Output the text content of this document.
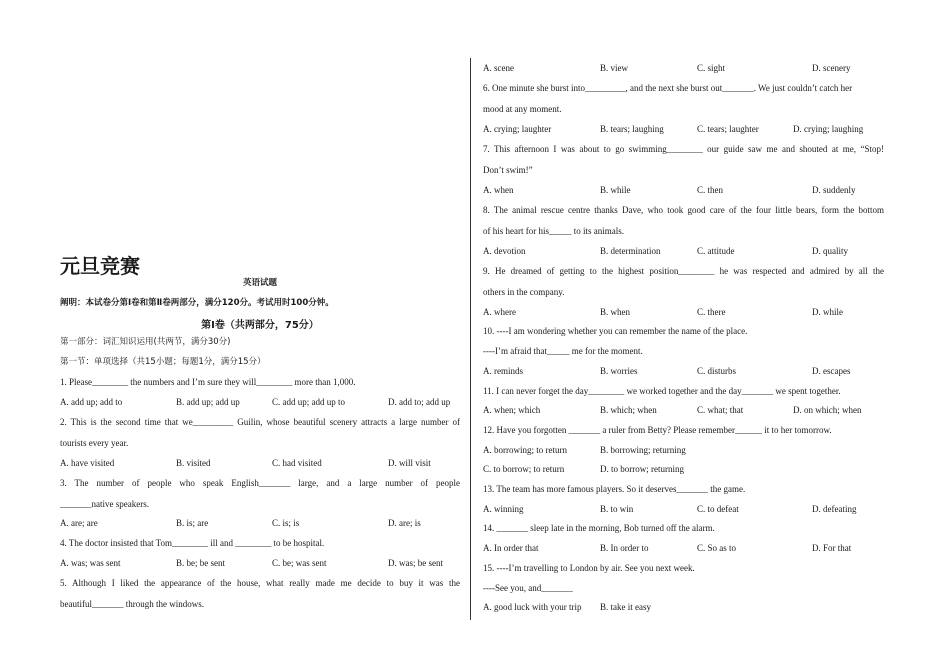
元旦竞赛
英语试题
阐明：本试卷分第Ⅰ卷和第Ⅱ卷两部分，满分120分。考试用时100分钟。
第Ⅰ卷（共两部分，75分）
第一部分：词汇知识运用(共两节，满分30分)
第一节：单项选择（共15小题；每题1分，满分15分）
1. Please________ the numbers and I’m sure they will________ more than 1,000.
A. add up; add to	B. add up; add up	C. add up; add up to	D. add to; add up
2. This is the second time that we_________ Guilin, whose beautiful scenery attracts a large number of
tourists every year.
A. have visited	B. visited	C. had visited	D. will visit
3. The number of people who speak English_______ large, and a large number of people
_______native speakers.
A. are; are	B. is; are	C. is; is	D. are; is
4. The doctor insisted that Tom________ ill and ________ to be hospital.
A. was; was sent	B. be; be sent	C. be; was sent	D. was; be sent
5. Although I liked the appearance of the house, what really made me decide to buy it was the
beautiful_______ through the windows.
A. scene	B. view	C. sight	D. scenery
6. One minute she burst into_________, and the next she burst out_______. We just couldn’t catch her
mood at any moment.
A. crying; laughter	B. tears; laughing	C. tears; laughter	D. crying; laughing
7. This afternoon I was about to go swimming________ our guide saw me and shouted at me, “Stop!
Don’t swim!”
A. when	B. while	C. then	D. suddenly
8. The animal rescue centre thanks Dave, who took good care of the four little bears, form the bottom
of his heart for his_____ to its animals.
A. devotion	B. determination	C. attitude	D. quality
9. He dreamed of getting to the highest position________ he was respected and admired by all the
others in the company.
A. where	B. when	C. there	D. while
10. ----I am wondering whether you can remember the name of the place.
----I’m afraid that_____ me for the moment.
A. reminds	B. worries	C. disturbs	D. escapes
11. I can never forget the day________ we worked together and the day_______ we spent together.
A. when; which	B. which; when	C. what; that	D. on which; when
12. Have you forgotten _______ a ruler from Betty? Please remember______ it to her tomorrow.
A. borrowing; to return	B. borrowing; returning
C. to borrow; to return	D. to borrow; returning
13. The team has more famous players. So it deserves_______ the game.
A. winning	B. to win	C. to defeat	D. defeating
14. _______ sleep late in the morning, Bob turned off the alarm.
A. In order that	B. In order to	C. So as to	D. For that
15. ----I’m travelling to London by air. See you next week.
----See you, and_______
A. good luck with your trip B. take it easy
